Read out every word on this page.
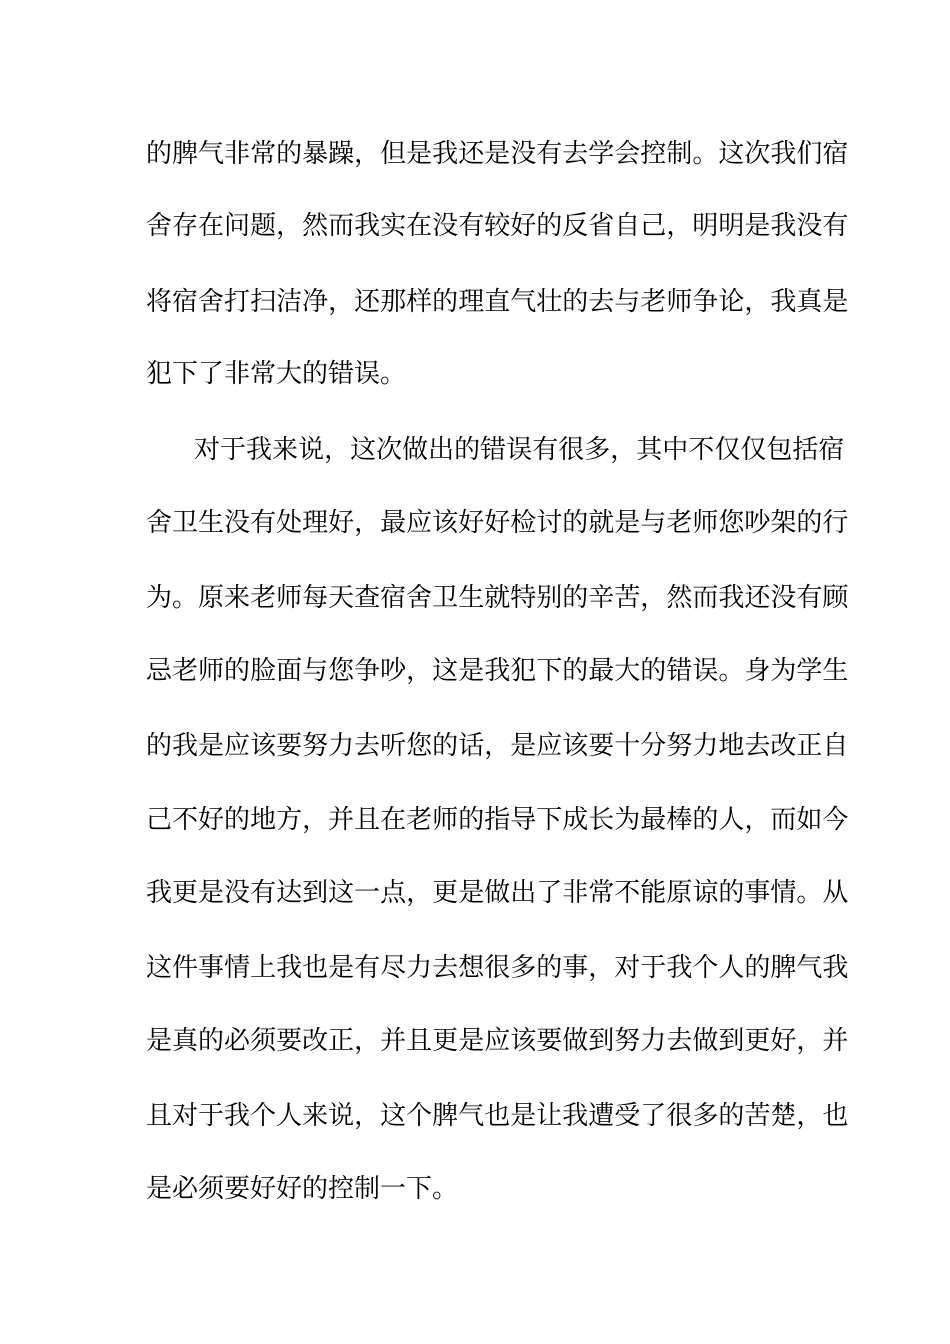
的 脾 气 非 常 的 暴 躁 ， 但 是 我 还 是 没 有 去 学 会 控 制 。 这 次 我 们 宿
舍 存 在 问 题 ， 然 而 我 实 在 没 有 较 好 的 反 省 自 己 ， 明 明 是 我 没 有
将 宿 舍 打 扫 洁 净 ， 还 那 样 的 理 直 气 壮 的 去 与 老 师 争 论 ， 我 真 是
犯下了非常大的错误。
对 于 我 来 说 ， 这 次 做 出 的 错 误 有 很 多 ， 其 中 不 仅 仅 包 括 宿
舍 卫 生 没 有 处 理 好 ， 最 应 该 好 好 检 讨 的 就 是 与 老 师 您 吵 架 的 行
为 。 原 来 老 师 每 天 查 宿 舍 卫 生 就 特 别 的 辛 苦 ， 然 而 我 还 没 有 顾
忌 老 师 的 脸 面 与 您 争 吵 ， 这 是 我 犯 下 的 最 大 的 错 误 。 身 为 学 生
的 我 是 应 该 要 努 力 去 听 您 的 话 ， 是 应 该 要 十 分 努 力 地 去 改 正 自
己 不 好 的 地 方 ， 并 且 在 老 师 的 指 导 下 成 长 为 最 棒 的 人 ， 而 如 今
我 更 是 没 有 达 到 这 一 点 ， 更 是 做 出 了 非 常 不 能 原 谅 的 事 情 。 从
这 件 事 情 上 我 也 是 有 尽 力 去 想 很 多 的 事 ， 对 于 我 个 人 的 脾 气 我
是 真 的 必 须 要 改 正 ， 并 且 更 是 应 该 要 做 到 努 力 去 做 到 更 好 ， 并
且 对 于 我 个 人 来 说 ， 这 个 脾 气 也 是 让 我 遭 受 了 很 多 的 苦 楚 ， 也
是必须要好好的控制一下。
